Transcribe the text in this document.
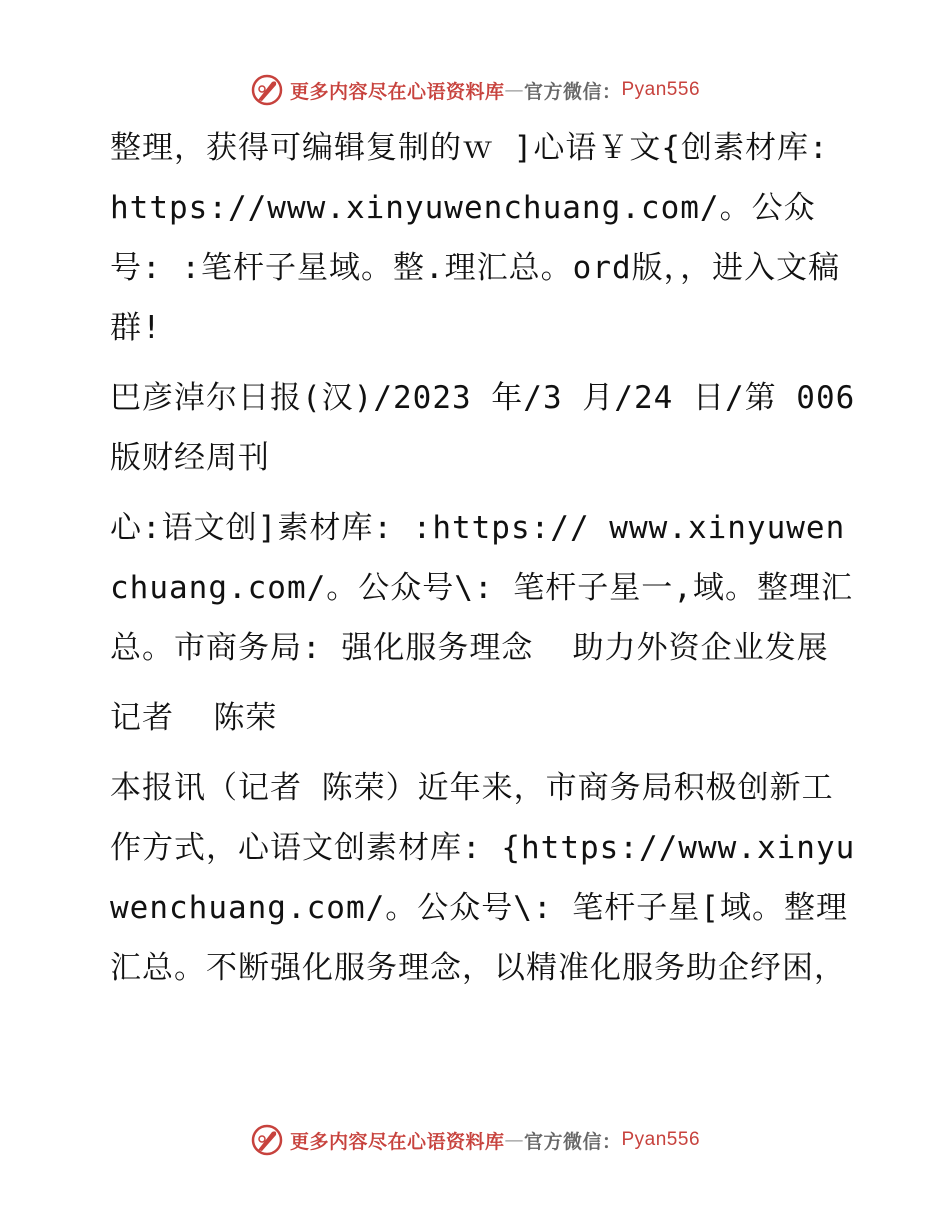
更多内容尽在心语资料库 — 官方微信： Pyan556

整理，获得可编辑复制的ｗ ]心语￥文{创素材库: https://www.xinyuwenchuang.com/。公众号: :笔杆子星域。整.理汇总。ord版，，进入文稿群!

巴彦淖尔日报(汉)/2023 年/3 月/24 日/第 006 版财经周刊

心:语文创]素材库: :https:// www.xinyuwenchuang.com/。公众号\: 笔杆子星一,域。整理汇总。市商务局: 强化服务理念  助力外资企业发展

记者  陈荣

本报讯（记者 陈荣）近年来，市商务局积极创新工作方式，心语文创素材库: {https://www.xinyuwenchuang.com/。公众号\: 笔杆子星[域。整理汇总。不断强化服务理念，以精准化服务助企纾困，

更多内容尽在心语资料库 — 官方微信： Pyan556
